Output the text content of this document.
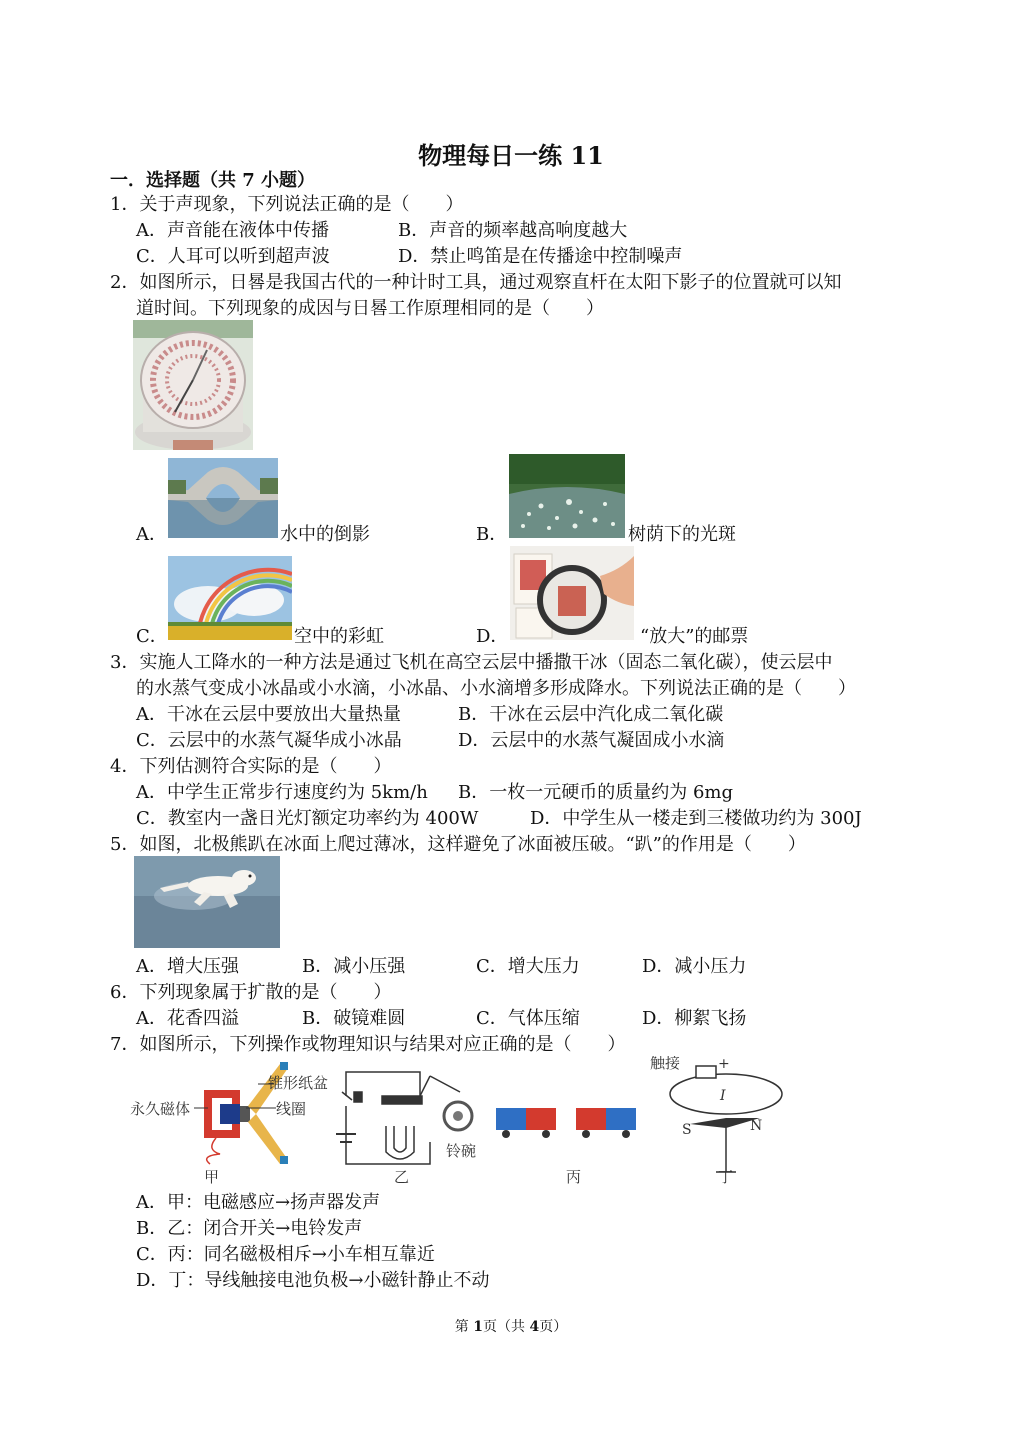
物理每日一练 11
一．选择题（共 7 小题）
1．关于声现象，下列说法正确的是（　　）
A．声音能在液体中传播	B．声音的频率越高响度越大
C．人耳可以听到超声波	D．禁止鸣笛是在传播途中控制噪声
2．如图所示，日晷是我国古代的一种计时工具，通过观察直杆在太阳下影子的位置就可以知
道时间。下列现象的成因与日晷工作原理相同的是（　　）
A．	水中的倒影	B．	树荫下的光斑
C．	空中的彩虹	D．	“放大”的邮票
3．实施人工降水的一种方法是通过飞机在高空云层中播撒干冰（固态二氧化碳），使云层中
的水蒸气变成小冰晶或小水滴，小冰晶、小水滴增多形成降水。下列说法正确的是（　　）
A．干冰在云层中要放出大量热量	B．干冰在云层中汽化成二氧化碳
C．云层中的水蒸气凝华成小冰晶	D．云层中的水蒸气凝固成小水滴
4．下列估测符合实际的是（　　）
A．中学生正常步行速度约为 5km/h B．一枚一元硬币的质量约为 6mg
C．教室内一盏日光灯额定功率约为 400W	D．中学生从一楼走到三楼做功约为 300J
5．如图，北极熊趴在冰面上爬过薄冰，这样避免了冰面被压破。“趴”的作用是（　　）
A．增大压强	B．减小压强	C．增大压力	D．减小压力
6．下列现象属于扩散的是（　　）
A．花香四溢	B．破镜难圆	C．气体压缩	D．柳絮飞扬
7．如图所示，下列操作或物理知识与结果对应正确的是（　　）
永久磁体
锥形纸盆
线圈
甲
铃碗
乙	丙
触接	+
I
S	N
丁
A．甲：电磁感应→扬声器发声
B．乙：闭合开关→电铃发声
C．丙：同名磁极相斥→小车相互靠近
D．丁：导线触接电池负极→小磁针静止不动
第 1页（共 4页）
